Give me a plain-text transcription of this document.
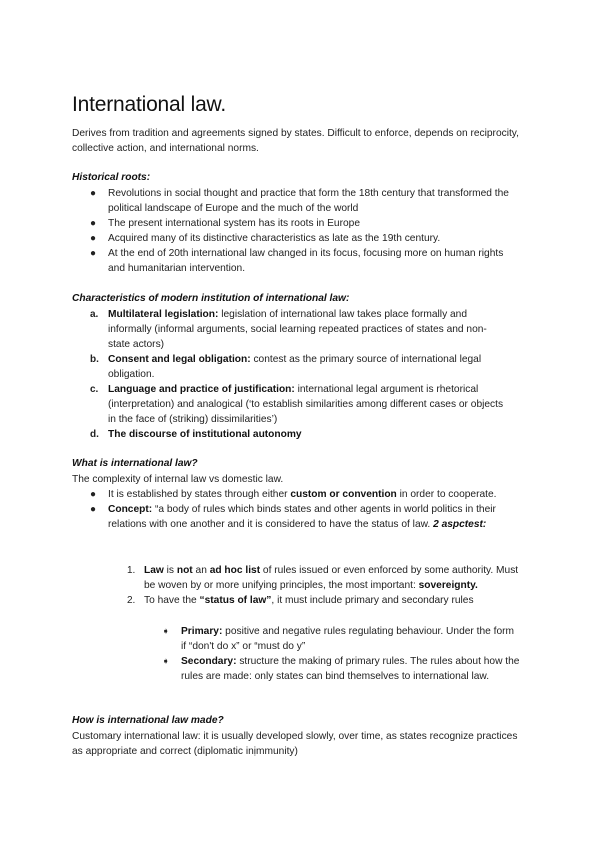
International law.
Derives from tradition and agreements signed by states. Difficult to enforce, depends on reciprocity, collective action, and international norms.
Historical roots:
● Revolutions in social thought and practice that form the 18th century that transformed the political landscape of Europe and the much of the world
● The present international system has its roots in Europe
● Acquired many of its distinctive characteristics as late as the 19th century.
● At the end of 20th international law changed in its focus, focusing more on human rights and humanitarian intervention.
Characteristics of modern institution of international law:
a. Multilateral legislation: legislation of international law takes place formally and informally (informal arguments, social learning repeated practices of states and non-state actors)
b. Consent and legal obligation: contest as the primary source of international legal obligation.
c. Language and practice of justification: international legal argument is rhetorical (interpretation) and analogical (‘to establish similarities among different cases or objects in the face of (striking) dissimilarities’)
d. The discourse of institutional autonomy
What is international law?
The complexity of internal law vs domestic law.
● It is established by states through either custom or convention in order to cooperate.
● Concept: “a body of rules which binds states and other agents in world politics in their relations with one another and it is considered to have the status of law. 2 aspctest:
1. Law is not an ad hoc list of rules issued or even enforced by some authority. Must be woven by or more unifying principles, the most important: sovereignty.
2. To have the “status of law”, it must include primary and secondary rules
➧ Primary: positive and negative rules regulating behaviour. Under the form if “don't do x” or “must do y”
➧ Secondary: structure the making of primary rules. The rules about how the rules are made: only states can bind themselves to international law.
How is international law made?
Customary international law: it is usually developed slowly, over time, as states recognize practices as appropriate and correct (diplomatic inịmmunity)
